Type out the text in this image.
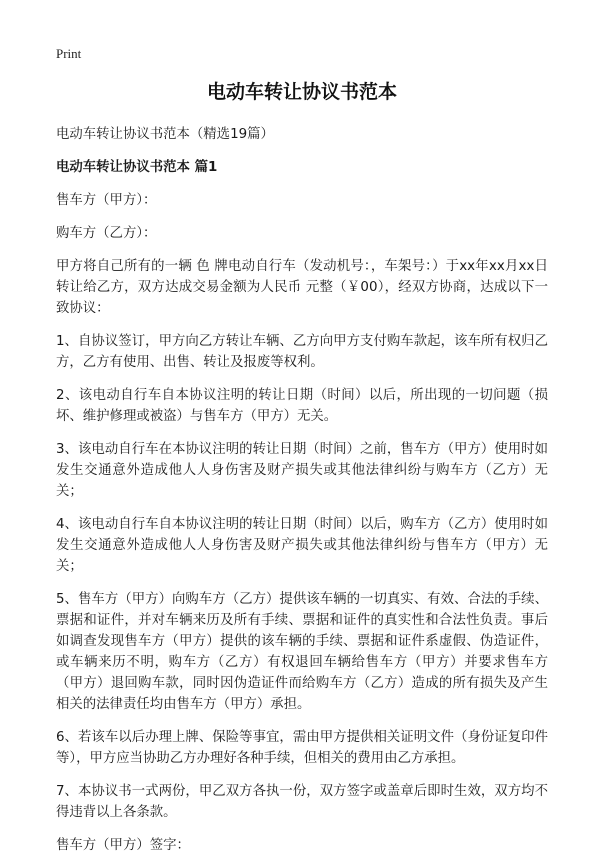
Print
电动车转让协议书范本
电动车转让协议书范本（精选19篇）
电动车转让协议书范本 篇1
售车方（甲方）：
购车方（乙方）：
甲方将自己所有的一辆 色 牌电动自行车（发动机号：，车架号：）于xx年xx月xx日转让给乙方，双方达成交易金额为人民币 元整（￥00），经双方协商，达成以下一致协议：
1、自协议签订，甲方向乙方转让车辆、乙方向甲方支付购车款起，该车所有权归乙方，乙方有使用、出售、转让及报废等权利。
2、该电动自行车自本协议注明的转让日期（时间）以后，所出现的一切问题（损坏、维护修理或被盗）与售车方（甲方）无关。
3、该电动自行车在本协议注明的转让日期（时间）之前，售车方（甲方）使用时如发生交通意外造成他人人身伤害及财产损失或其他法律纠纷与购车方（乙方）无关；
4、该电动自行车自本协议注明的转让日期（时间）以后，购车方（乙方）使用时如发生交通意外造成他人人身伤害及财产损失或其他法律纠纷与售车方（甲方）无关；
5、售车方（甲方）向购车方（乙方）提供该车辆的一切真实、有效、合法的手续、票据和证件，并对车辆来历及所有手续、票据和证件的真实性和合法性负责。事后如调查发现售车方（甲方）提供的该车辆的手续、票据和证件系虚假、伪造证件，或车辆来历不明，购车方（乙方）有权退回车辆给售车方（甲方）并要求售车方（甲方）退回购车款，同时因伪造证件而给购车方（乙方）造成的所有损失及产生相关的法律责任均由售车方（甲方）承担。
6、若该车以后办理上牌、保险等事宜，需由甲方提供相关证明文件（身份证复印件等），甲方应当协助乙方办理好各种手续，但相关的费用由乙方承担。
7、本协议书一式两份，甲乙双方各执一份，双方签字或盖章后即时生效，双方均不得违背以上各条款。
售车方（甲方）签字：
